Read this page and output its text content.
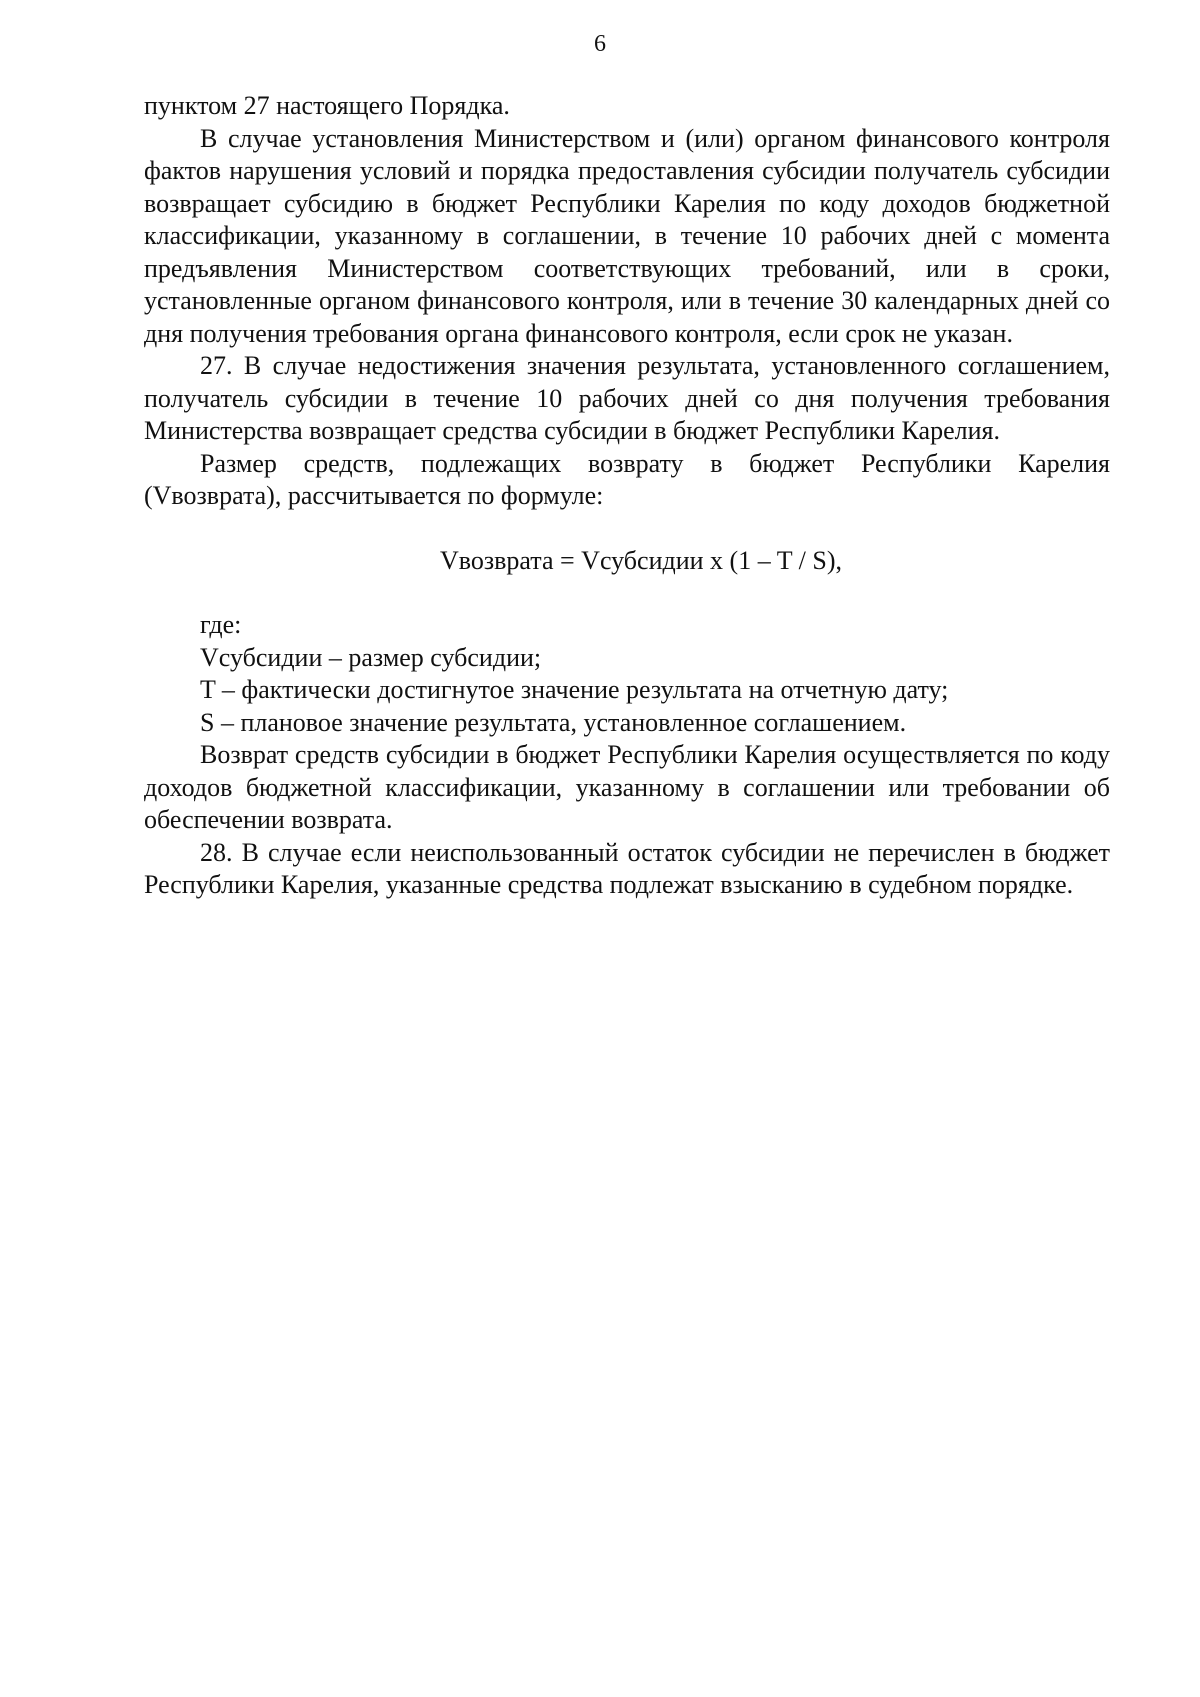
6

пунктом 27 настоящего Порядка.

В случае установления Министерством и (или) органом финансового контроля фактов нарушения условий и порядка предоставления субсидии получатель субсидии возвращает субсидию в бюджет Республики Карелия по коду доходов бюджетной классификации, указанному в соглашении, в течение 10 рабочих дней с момента предъявления Министерством соответствующих требований, или в сроки, установленные органом финансового контроля, или в течение 30 календарных дней со дня получения требования органа финансового контроля, если срок не указан.

27. В случае недостижения значения результата, установленного соглашением, получатель субсидии в течение 10 рабочих дней со дня получения требования Министерства возвращает средства субсидии в бюджет Республики Карелия.

Размер средств, подлежащих возврату в бюджет Республики Карелия (Vвозврата), рассчитывается по формуле:

Vвозврата = Vсубсидии x (1 – T / S),

где:

Vсубсидии – размер субсидии;

T – фактически достигнутое значение результата на отчетную дату;

S – плановое значение результата, установленное соглашением.

Возврат средств субсидии в бюджет Республики Карелия осуществляется по коду доходов бюджетной классификации, указанному в соглашении или требовании об обеспечении возврата.

28. В случае если неиспользованный остаток субсидии не перечислен в бюджет Республики Карелия, указанные средства подлежат взысканию в судебном порядке.
